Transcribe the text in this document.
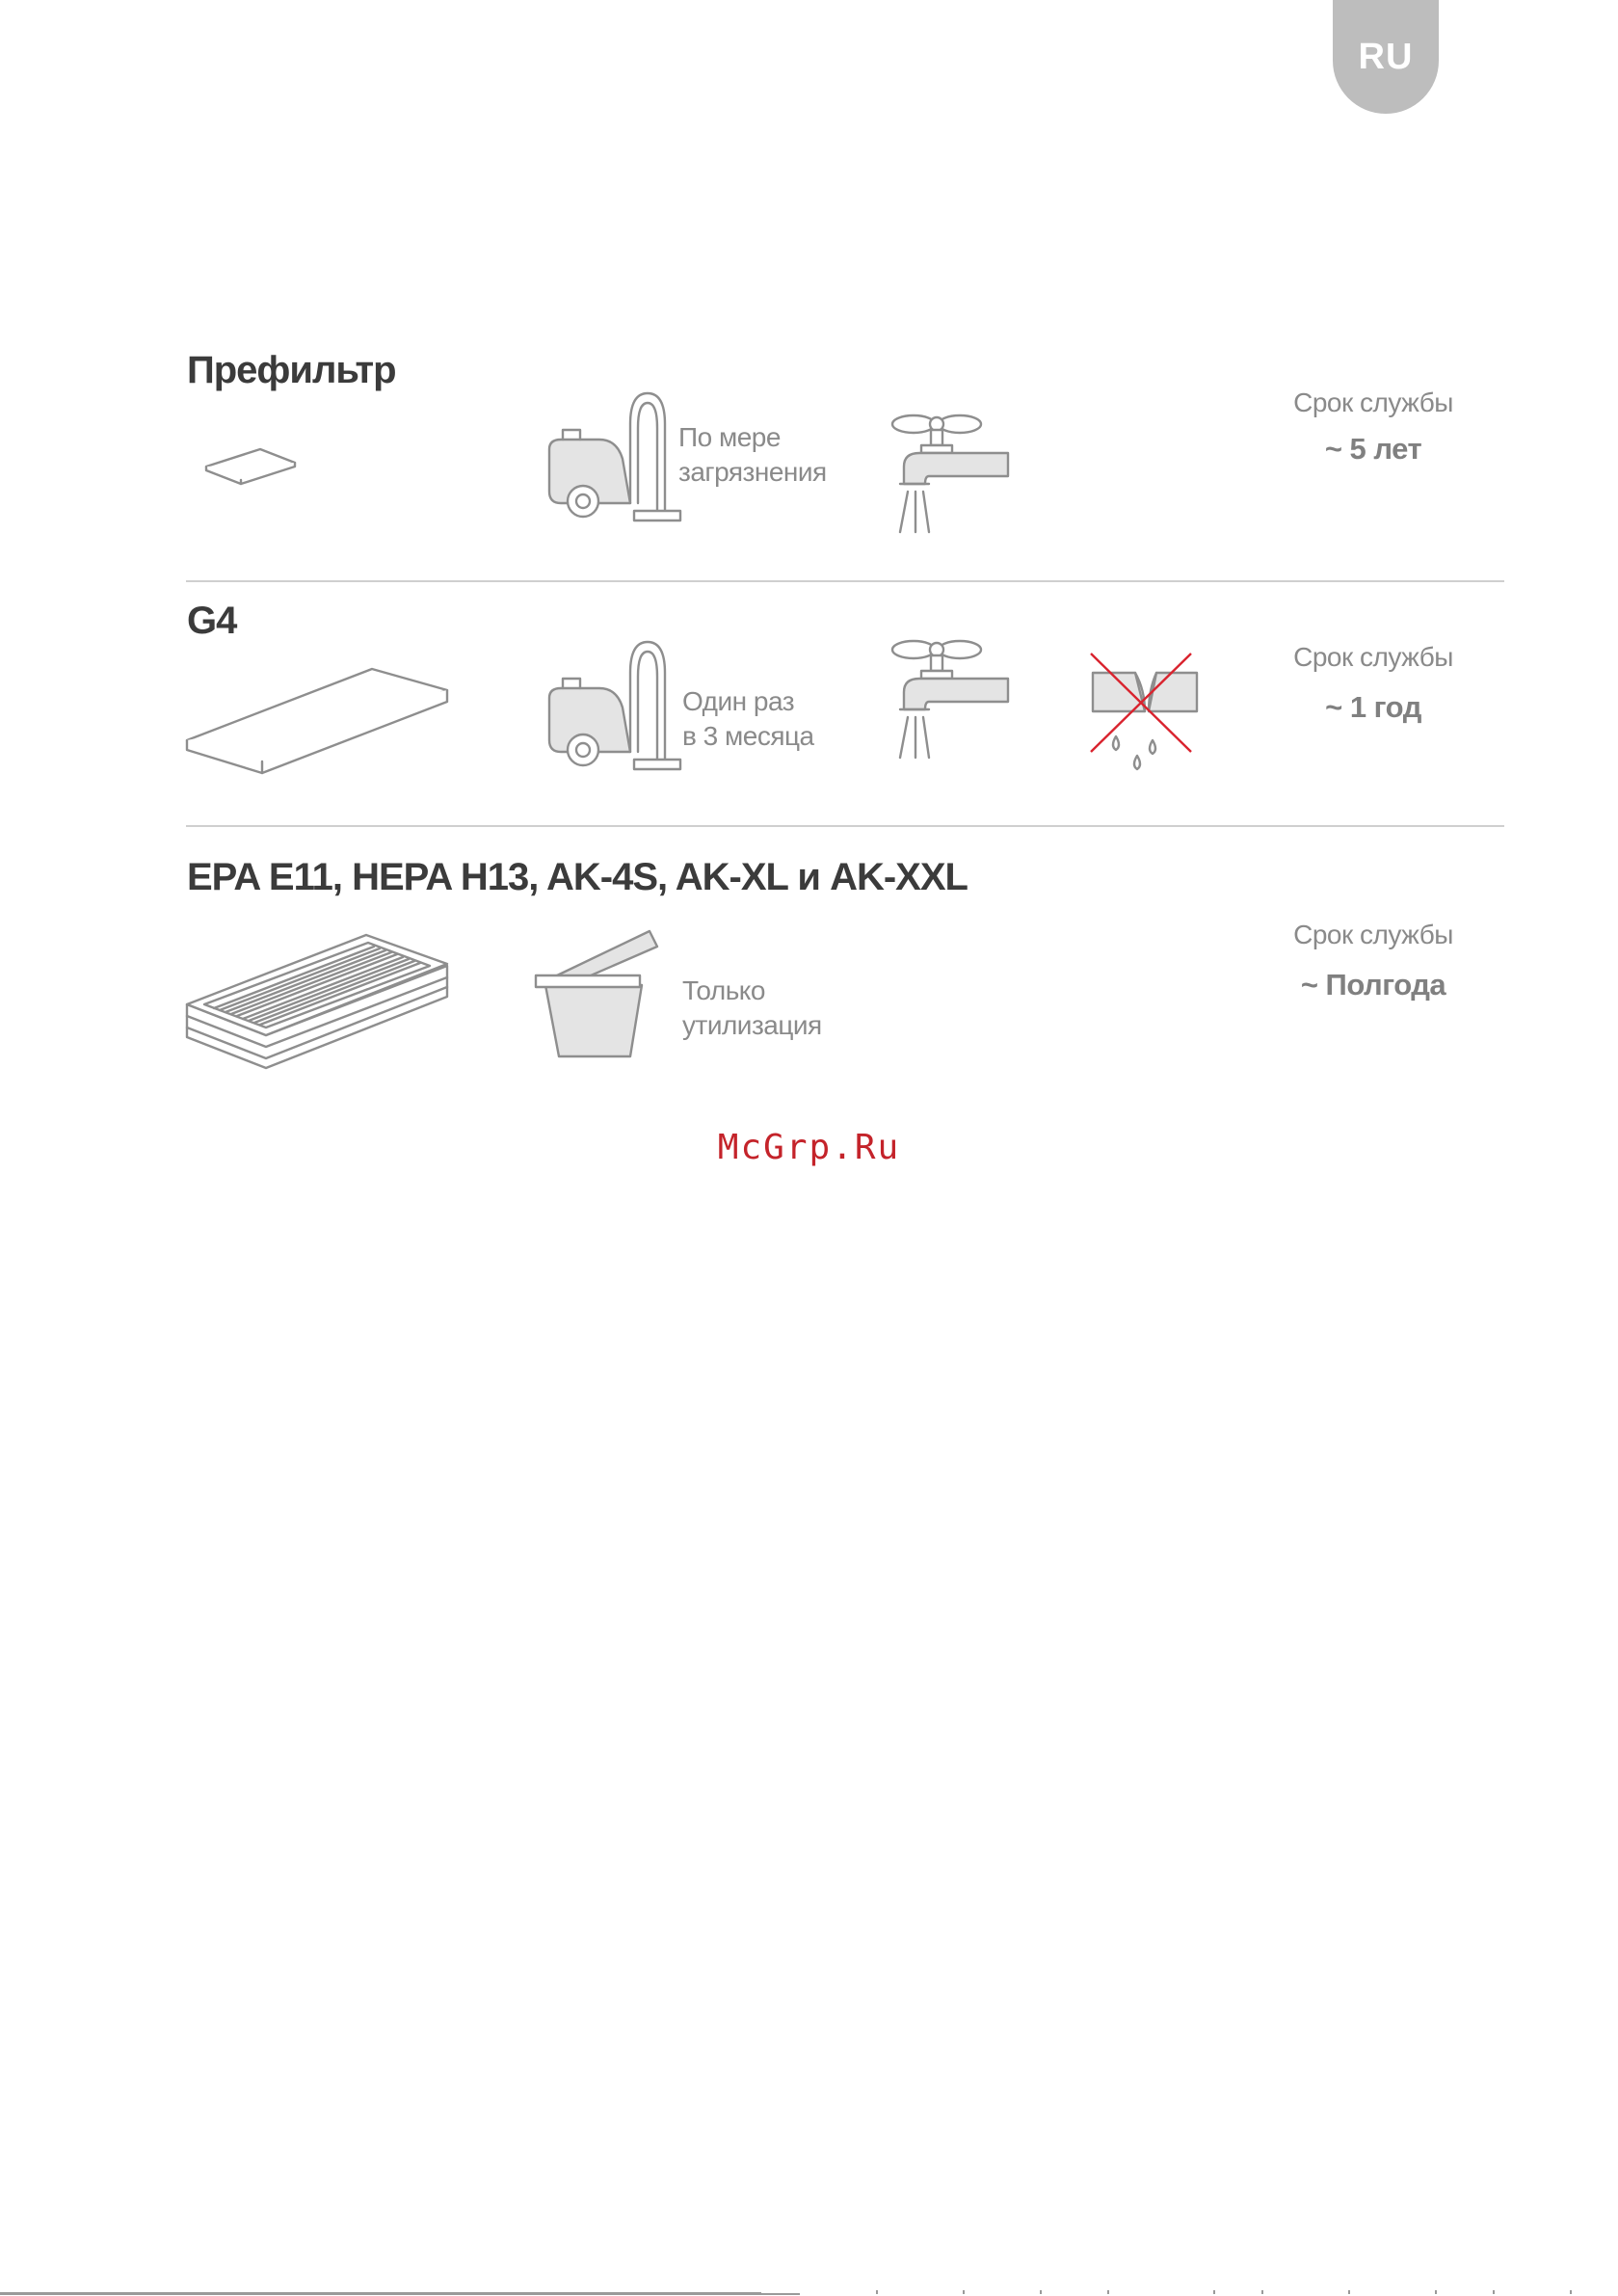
RU
Префильтр
По мере
загрязнения
Срок службы
~ 5 лет
G4
Один раз
в 3 месяца
Срок службы
~ 1 год
EPA E11, HEPA H13, AK-4S, AK-XL и AK-XXL
Только
утилизация
Срок службы
~ Полгода
McGrp.Ru
